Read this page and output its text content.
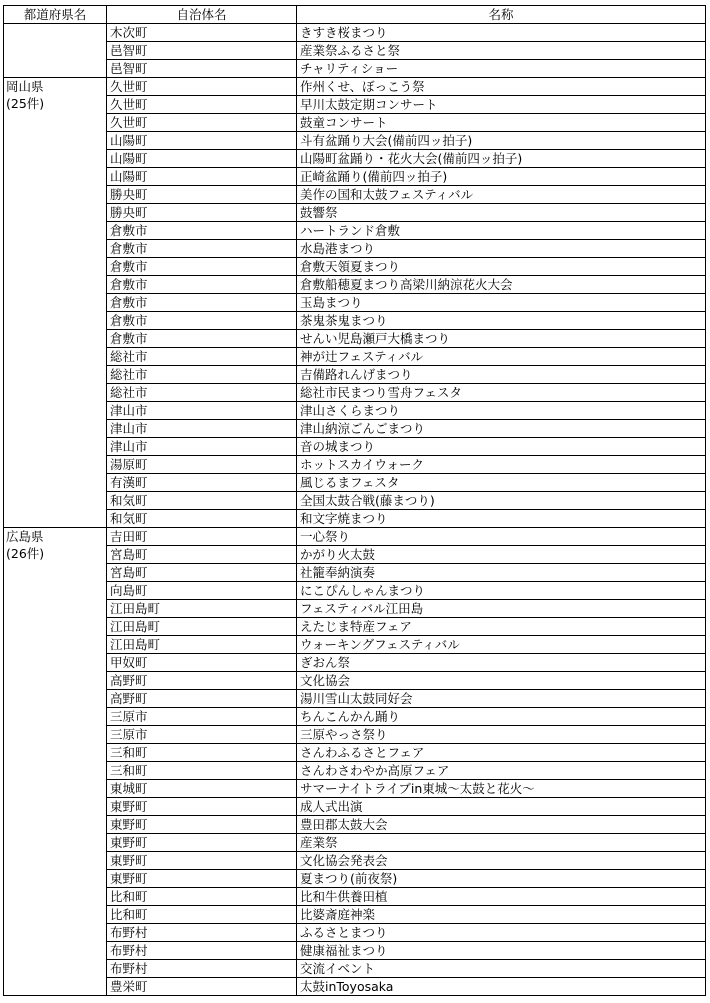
都道府県名	自治体名	名称

	木次町	きすき桜まつり
	邑智町	産業祭ふるさと祭
	邑智町	チャリティショー

岡山県
(25件)	久世町	作州くせ、ぼっこう祭
	久世町	早川太鼓定期コンサート
	久世町	鼓童コンサート
	山陽町	斗有盆踊り大会(備前四ッ拍子)
	山陽町	山陽町盆踊り・花火大会(備前四ッ拍子)
	山陽町	正崎盆踊り(備前四ッ拍子)
	勝央町	美作の国和太鼓フェスティバル
	勝央町	鼓響祭
	倉敷市	ハートランド倉敷
	倉敷市	水島港まつり
	倉敷市	倉敷天領夏まつり
	倉敷市	倉敷船穂夏まつり高梁川納涼花火大会
	倉敷市	玉島まつり
	倉敷市	茶鬼茶鬼まつり
	倉敷市	せんい児島瀬戸大橋まつり
	総社市	神が辻フェスティバル
	総社市	吉備路れんげまつり
	総社市	総社市民まつり雪舟フェスタ
	津山市	津山さくらまつり
	津山市	津山納涼ごんごまつり
	津山市	音の城まつり
	湯原町	ホットスカイウォーク
	有漢町	風じるまフェスタ
	和気町	全国太鼓合戦(藤まつり)
	和気町	和文字焼まつり

広島県
(26件)	吉田町	一心祭り
	宮島町	かがり火太鼓
	宮島町	社籠奉納演奏
	向島町	にこぴんしゃんまつり
	江田島町	フェスティバル江田島
	江田島町	えたじま特産フェア
	江田島町	ウォーキングフェスティバル
	甲奴町	ぎおん祭
	高野町	文化協会
	高野町	湯川雪山太鼓同好会
	三原市	ちんこんかん踊り
	三原市	三原やっさ祭り
	三和町	さんわふるさとフェア
	三和町	さんわさわやか高原フェア
	東城町	サマーナイトライブin東城～太鼓と花火～
	東野町	成人式出演
	東野町	豊田郡太鼓大会
	東野町	産業祭
	東野町	文化協会発表会
	東野町	夏まつり(前夜祭)
	比和町	比和牛供養田植
	比和町	比婆斎庭神楽
	布野村	ふるさとまつり
	布野村	健康福祉まつり
	布野村	交流イベント
	豊栄町	太鼓inToyosaka
